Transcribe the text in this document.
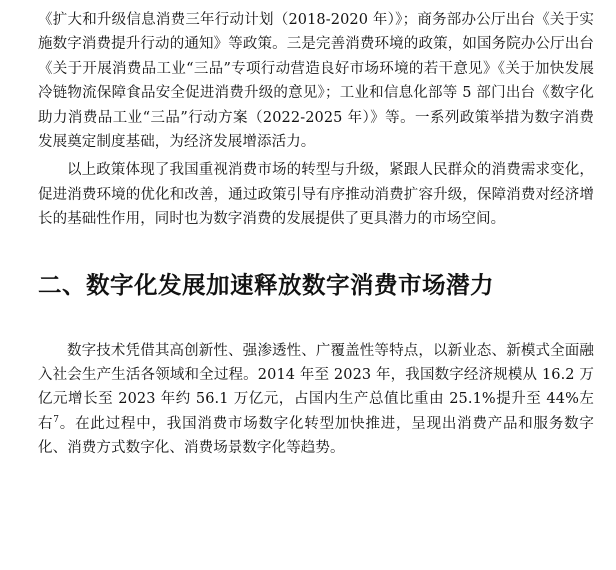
《扩大和升级信息消费三年行动计划（2018-2020 年）》；商务部办公厅出台《关于实施数字消费提升行动的通知》等政策。三是完善消费环境的政策，如国务院办公厅出台《关于开展消费品工业“三品”专项行动营造良好市场环境的若干意见》《关于加快发展冷链物流保障食品安全促进消费升级的意见》；工业和信息化部等 5 部门出台《数字化助力消费品工业“三品”行动方案（2022-2025 年）》等。一系列政策举措为数字消费发展奠定制度基础，为经济发展增添活力。

以上政策体现了我国重视消费市场的转型与升级，紧跟人民群众的消费需求变化，促进消费环境的优化和改善，通过政策引导有序推动消费扩容升级，保障消费对经济增长的基础性作用，同时也为数字消费的发展提供了更具潜力的市场空间。

二、数字化发展加速释放数字消费市场潜力

数字技术凭借其高创新性、强渗透性、广覆盖性等特点，以新业态、新模式全面融入社会生产生活各领域和全过程。2014 年至 2023 年，我国数字经济规模从 16.2 万亿元增长至 2023 年约 56.1 万亿元，占国内生产总值比重由 25.1%提升至 44%左右$^7$。在此过程中，我国消费市场数字化转型加快推进，呈现出消费产品和服务数字化、消费方式数字化、消费场景数字化等趋势。
